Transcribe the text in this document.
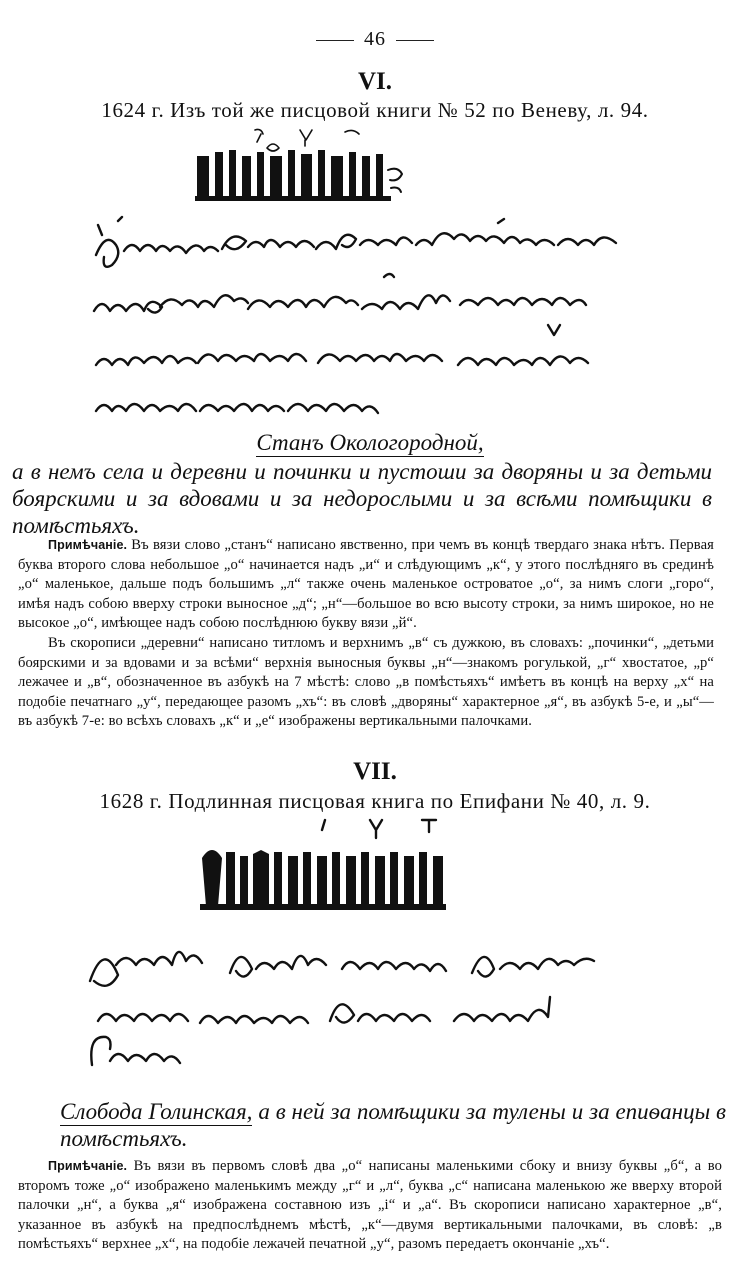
46
VI.
1624 г. Изъ той же писцовой книги № 52 по Веневу, л. 94.
Станъ Окологородной,
а в немъ села и деревни и починки и пустоши за дворяны и за детьми боярскими и за вдовами и за недорослыми и за всѣми помѣщики в помѣстьяхъ.

Примѣчаніе. Въ вязи слово „станъ“ написано явственно, при чемъ въ концѣ твердаго знака нѣтъ. Первая буква второго слова небольшое „о“ начинается надъ „и“ и слѣдующимъ „к“, у этого послѣдняго въ срединѣ „о“ маленькое, дальше подъ большимъ „л“ также очень маленькое островатое „о“, за нимъ слоги „горо“, имѣя надъ собою вверху строки выносное „д“; „н“—большое во всю высоту строки, за нимъ широкое, но не высокое „о“, имѣющее надъ собою послѣднюю букву вязи „й“.

Въ скорописи „деревни“ написано титломъ и верхнимъ „в“ съ дужкою, въ словахъ: „починки“, „детьми боярскими и за вдовами и за всѣми“ верхнія выносныя буквы „н“—знакомъ рогулькой, „г“ хвостатое, „р“ лежачее и „в“, обозначенное въ азбукѣ на 7 мѣстѣ: слово „в помѣстьяхъ“ имѣетъ въ концѣ на верху „х“ на подобіе печатнаго „у“, передающее разомъ „хъ“: въ словѣ „дворяны“ характерное „я“, въ азбукѣ 5-е, и „ы“—въ азбукѣ 7-е: во всѣхъ словахъ „к“ и „е“ изображены вертикальными палочками.

VII.
1628 г. Подлинная писцовая книга по Епифани № 40, л. 9.
Слобода Голинская, а в ней за помѣщики за тулены и за епиѳанцы в помѣстьяхъ.

Примѣчаніе. Въ вязи въ первомъ словѣ два „о“ написаны маленькими сбоку и внизу буквы „б“, а во второмъ тоже „о“ изображено маленькимъ между „г“ и „л“, буква „с“ написана маленькою же вверху второй палочки „н“, а буква „я“ изображена составною изъ „i“ и „а“. Въ скорописи написано характерное „в“, указанное въ азбукѣ на предпослѣднемъ мѣстѣ, „к“—двумя вертикальными палочками, въ словѣ: „в помѣстьяхъ“ верхнее „х“, на подобіе лежачей печатной „у“, разомъ передаетъ окончаніе „хъ“.
